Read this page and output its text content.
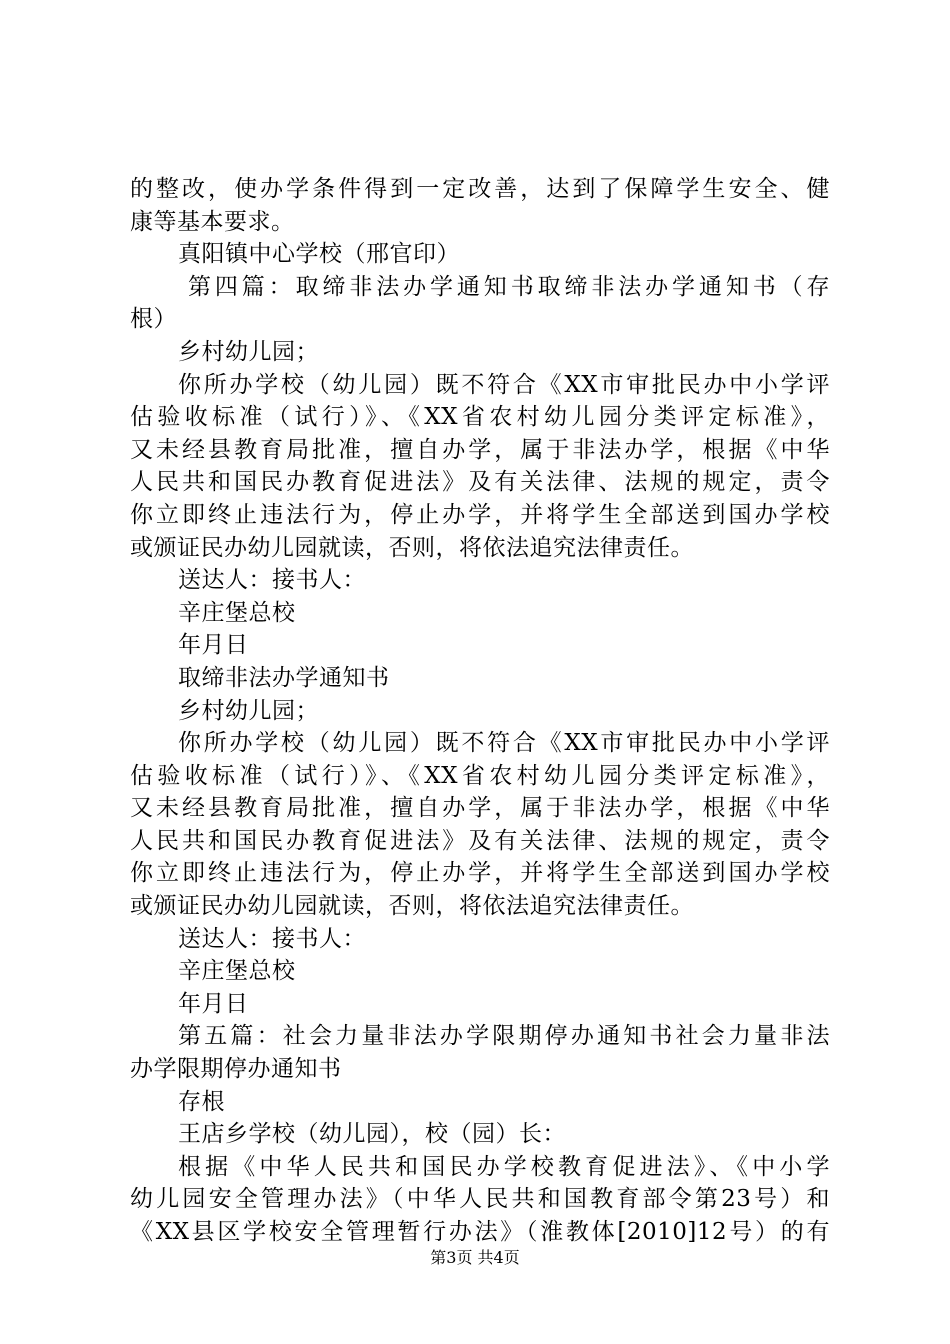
的整改，使办学条件得到一定改善，达到了保障学生安全、健
康等基本要求。
真阳镇中心学校（邢官印）
第四篇：取缔非法办学通知书取缔非法办学通知书（存
根）
乡村幼儿园；
你所办学校（幼儿园）既不符合《XX市审批民办中小学评
估验收标准（试行）》、《XX省农村幼儿园分类评定标准》，
又未经县教育局批准，擅自办学，属于非法办学，根据《中华
人民共和国民办教育促进法》及有关法律、法规的规定，责令
你立即终止违法行为，停止办学，并将学生全部送到国办学校
或颁证民办幼儿园就读，否则，将依法追究法律责任。
送达人：接书人：
辛庄堡总校
年月日
取缔非法办学通知书
乡村幼儿园；
你所办学校（幼儿园）既不符合《XX市审批民办中小学评
估验收标准（试行）》、《XX省农村幼儿园分类评定标准》，
又未经县教育局批准，擅自办学，属于非法办学，根据《中华
人民共和国民办教育促进法》及有关法律、法规的规定，责令
你立即终止违法行为，停止办学，并将学生全部送到国办学校
或颁证民办幼儿园就读，否则，将依法追究法律责任。
送达人：接书人：
辛庄堡总校
年月日
第五篇：社会力量非法办学限期停办通知书社会力量非法
办学限期停办通知书
存根
王店乡学校（幼儿园），校（园）长：
根据《中华人民共和国民办学校教育促进法》、《中小学
幼儿园安全管理办法》（中华人民共和国教育部令第23号）和
《XX县区学校安全管理暂行办法》（淮教体[2010]12号）的有
第3页 共4页
